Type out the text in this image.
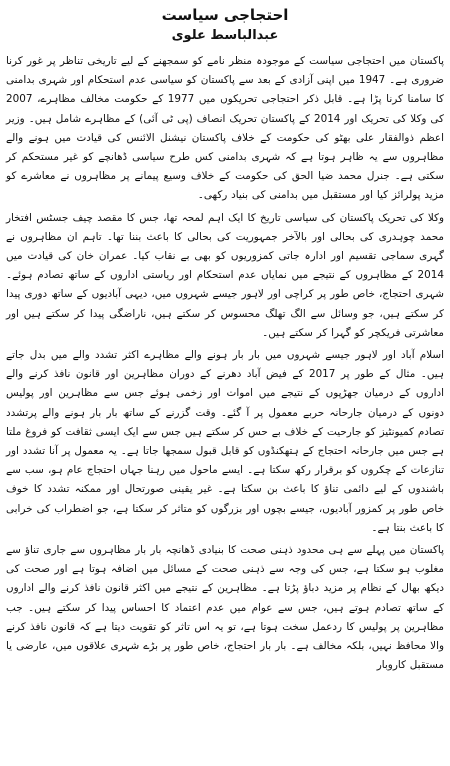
احتجاجی سیاست
عبدالباسط علوی

پاکستان میں احتجاجی سیاست کے موجودہ منظر نامے کو سمجھنے کے لیے تاریخی تناظر پر غور کرنا ضروری ہے۔ 1947 میں اپنی آزادی کے بعد سے پاکستان کو سیاسی عدم استحکام اور شہری بدامنی کا سامنا کرنا پڑا ہے۔ قابل ذکر احتجاجی تحریکوں میں 1977 کے حکومت مخالف مظاہرے، 2007 کی وکلا کی تحریک اور 2014 کے پاکستان تحریک انصاف (پی ٹی آئی) کے مظاہرے شامل ہیں۔ وزیر اعظم ذوالفقار علی بھٹو کی حکومت کے خلاف پاکستان نیشنل الائنس کی قیادت میں ہونے والے مظاہروں سے یہ ظاہر ہوتا ہے کہ شہری بدامنی کس طرح سیاسی ڈھانچے کو غیر مستحکم کر سکتی ہے۔ جنرل محمد ضیا الحق کی حکومت کے خلاف وسیع پیمانے پر مظاہروں نے معاشرے کو مزید پولرائز کیا اور مستقبل میں بدامنی کی بنیاد رکھی۔

وکلا کی تحریک پاکستان کی سیاسی تاریخ کا ایک اہم لمحہ تھا، جس کا مقصد چیف جسٹس افتخار محمد چوہدری کی بحالی اور بالآخر جمہوریت کی بحالی کا باعث بننا تھا۔ تاہم ان مظاہروں نے گہری سماجی تقسیم اور ادارہ جاتی کمزوریوں کو بھی بے نقاب کیا۔ عمران خان کی قیادت میں 2014 کے مظاہروں کے نتیجے میں نمایاں عدم استحکام اور ریاستی اداروں کے ساتھ تصادم ہوئے۔ شہری احتجاج، خاص طور پر کراچی اور لاہور جیسے شہروں میں، دیہی آبادیوں کے ساتھ دوری پیدا کر سکتے ہیں، جو وسائل سے الگ تھلگ محسوس کر سکتے ہیں، ناراضگی پیدا کر سکتے ہیں اور معاشرتی فریکچر کو گہرا کر سکتے ہیں۔

اسلام آباد اور لاہور جیسے شہروں میں بار بار ہونے والے مظاہرے اکثر تشدد والے میں بدل جاتے ہیں۔ مثال کے طور پر 2017 کے فیض آباد دھرنے کے دوران مظاہرین اور قانون نافذ کرنے والے اداروں کے درمیان جھڑپوں کے نتیجے میں اموات اور زخمی ہوئے جس سے مظاہرین اور پولیس دونوں کے درمیان جارحانہ حربے معمول پر آ گئے۔ وقت گزرنے کے ساتھ بار بار ہونے والے پرتشدد تصادم کمیونٹیز کو جارحیت کے خلاف بے حس کر سکتے ہیں جس سے ایک ایسی ثقافت کو فروغ ملتا ہے جس میں جارحانہ احتجاج کے ہتھکنڈوں کو قابل قبول سمجھا جاتا ہے۔ یہ معمول پر آنا تشدد اور تنازعات کے چکروں کو برقرار رکھ سکتا ہے۔ ایسے ماحول میں رہنا جہاں احتجاج عام ہو، سب سے باشندوں کے لیے دائمی تناؤ کا باعث بن سکتا ہے۔ غیر یقینی صورتحال اور ممکنہ تشدد کا خوف خاص طور پر کمزور آبادیوں، جیسے بچوں اور بزرگوں کو متاثر کر سکتا ہے، جو اضطراب کی خرابی کا باعث بنتا ہے۔

پاکستان میں پہلے سے ہی محدود ذہنی صحت کا بنیادی ڈھانچہ بار بار مظاہروں سے جاری تناؤ سے مغلوب ہو سکتا ہے، جس کی وجہ سے ذہنی صحت کے مسائل میں اضافہ ہوتا ہے اور صحت کی دیکھ بھال کے نظام پر مزید دباؤ پڑتا ہے۔ مظاہرین کے نتیجے میں اکثر قانون نافذ کرنے والے اداروں کے ساتھ تصادم ہوتے ہیں، جس سے عوام میں عدم اعتماد کا احساس پیدا کر سکتے ہیں۔ جب مظاہرین پر پولیس کا ردعمل سخت ہوتا ہے، تو یہ اس تاثر کو تقویت دیتا ہے کہ قانون نافذ کرنے والا محافظ نہیں، بلکہ مخالف ہے۔ بار بار احتجاج، خاص طور پر بڑے شہری علاقوں میں، عارضی یا مستقبل کاروبار
